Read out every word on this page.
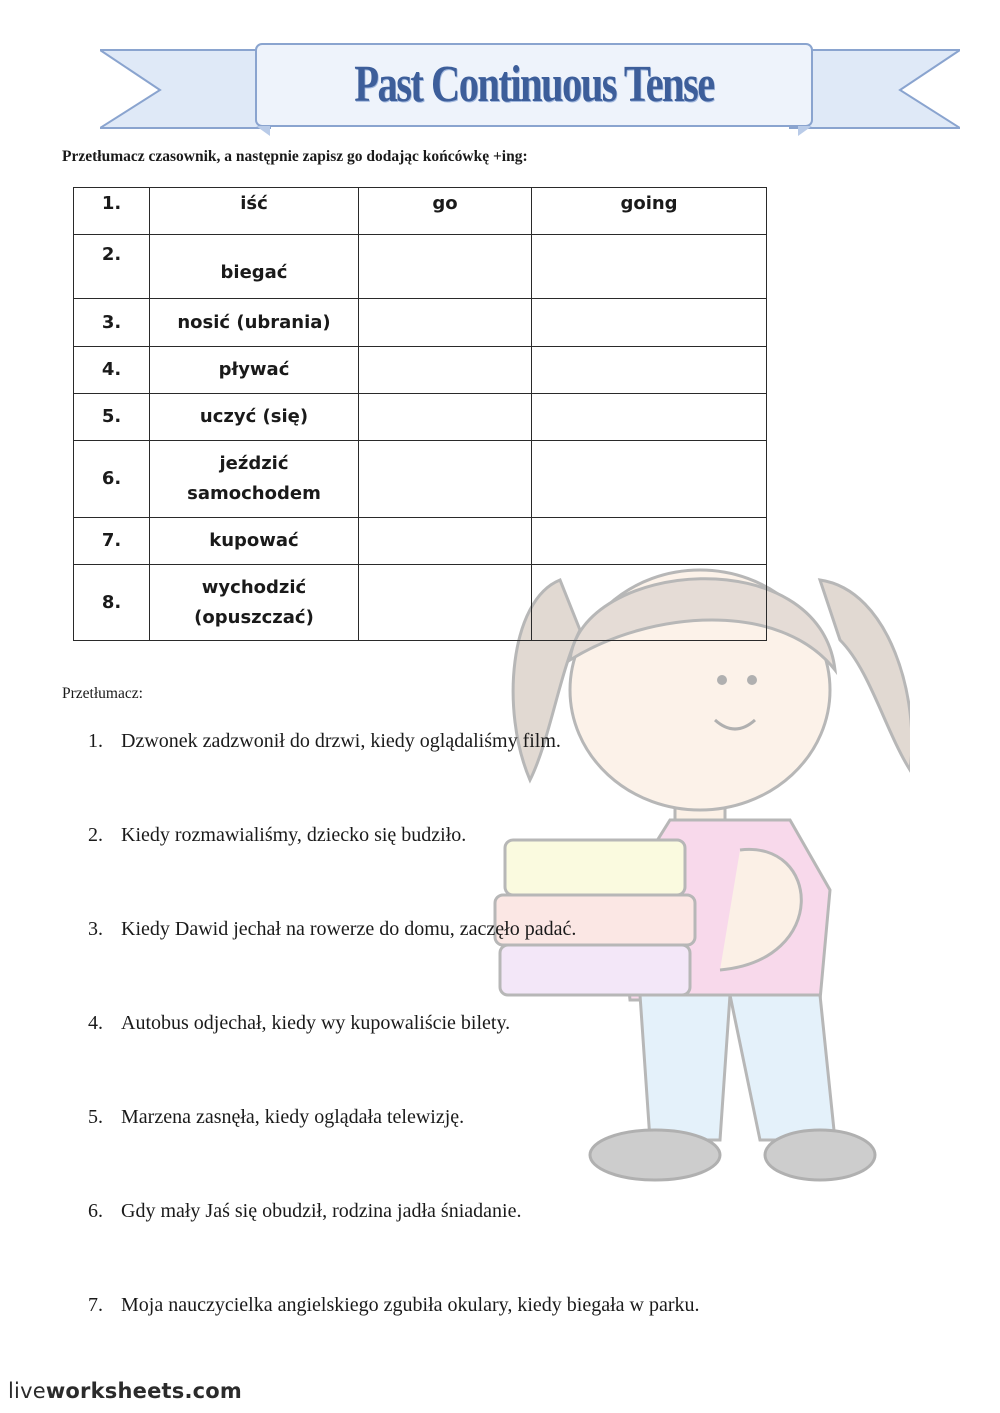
Past Continuous Tense
Przetłumacz czasownik, a następnie zapisz go dodając końcówkę +ing:
1.	iść	go	going
2.	biegać		
3.	nosić (ubrania)		
4.	pływać		
5.	uczyć (się)		
6.	jeździć samochodem		
7.	kupować		
8.	wychodzić (opuszczać)		
Przetłumacz:
1. Dzwonek zadzwonił do drzwi, kiedy oglądaliśmy film.
2. Kiedy rozmawialiśmy, dziecko się budziło.
3. Kiedy Dawid jechał na rowerze do domu, zaczęło padać.
4. Autobus odjechał, kiedy wy kupowaliście bilety.
5. Marzena zasnęła, kiedy oglądała telewizję.
6. Gdy mały Jaś się obudził, rodzina jadła śniadanie.
7. Moja nauczycielka angielskiego zgubiła okulary, kiedy biegała w parku.
liveworksheets.com
